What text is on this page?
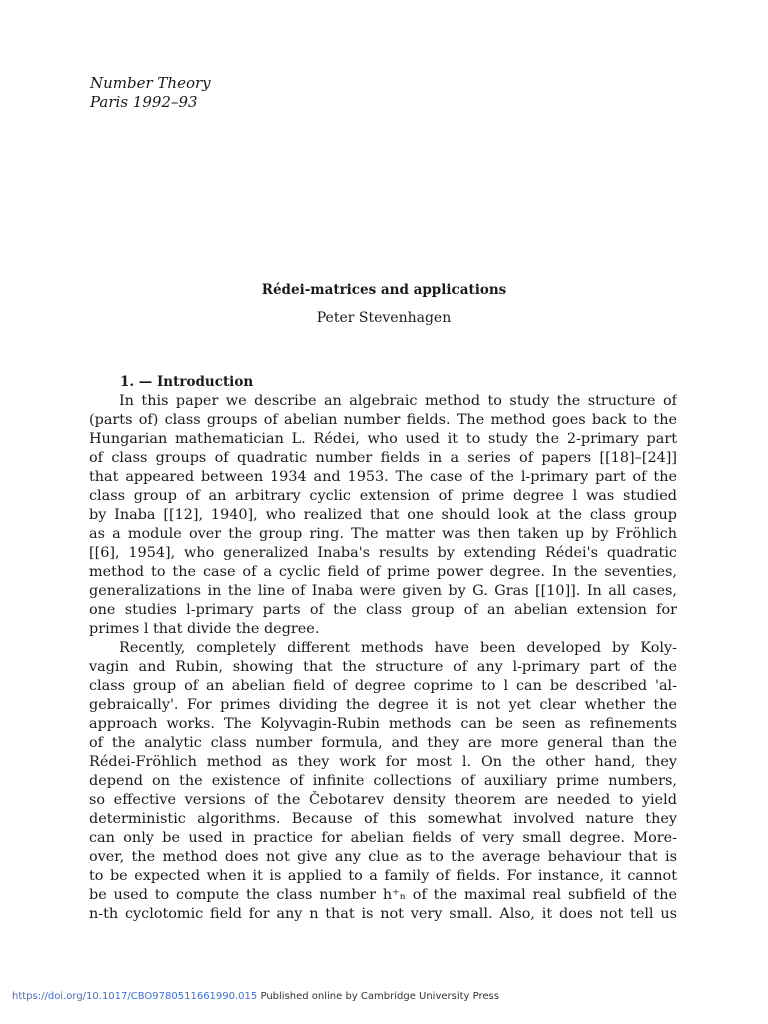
Number Theory
Paris 1992–93
Rédei-matrices and applications
Peter Stevenhagen
1. — Introduction
In this paper we describe an algebraic method to study the structure of
(parts of) class groups of abelian number fields. The method goes back to the
Hungarian mathematician L. Rédei, who used it to study the 2-primary part
of class groups of quadratic number fields in a series of papers [[18]–[24]]
that appeared between 1934 and 1953. The case of the l-primary part of the
class group of an arbitrary cyclic extension of prime degree l was studied
by Inaba [[12], 1940], who realized that one should look at the class group
as a module over the group ring. The matter was then taken up by Fröhlich
[[6], 1954], who generalized Inaba's results by extending Rédei's quadratic
method to the case of a cyclic field of prime power degree. In the seventies,
generalizations in the line of Inaba were given by G. Gras [[10]]. In all cases,
one studies l-primary parts of the class group of an abelian extension for
primes l that divide the degree.
Recently, completely different methods have been developed by Koly-
vagin and Rubin, showing that the structure of any l-primary part of the
class group of an abelian field of degree coprime to l can be described 'al-
gebraically'. For primes dividing the degree it is not yet clear whether the
approach works. The Kolyvagin-Rubin methods can be seen as refinements
of the analytic class number formula, and they are more general than the
Rédei-Fröhlich method as they work for most l. On the other hand, they
depend on the existence of infinite collections of auxiliary prime numbers,
so effective versions of the Čebotarev density theorem are needed to yield
deterministic algorithms. Because of this somewhat involved nature they
can only be used in practice for abelian fields of very small degree. More-
over, the method does not give any clue as to the average behaviour that is
to be expected when it is applied to a family of fields. For instance, it cannot
be used to compute the class number h⁺ₙ of the maximal real subfield of the
n-th cyclotomic field for any n that is not very small. Also, it does not tell us
https://doi.org/10.1017/CBO9780511661990.015 Published online by Cambridge University Press
